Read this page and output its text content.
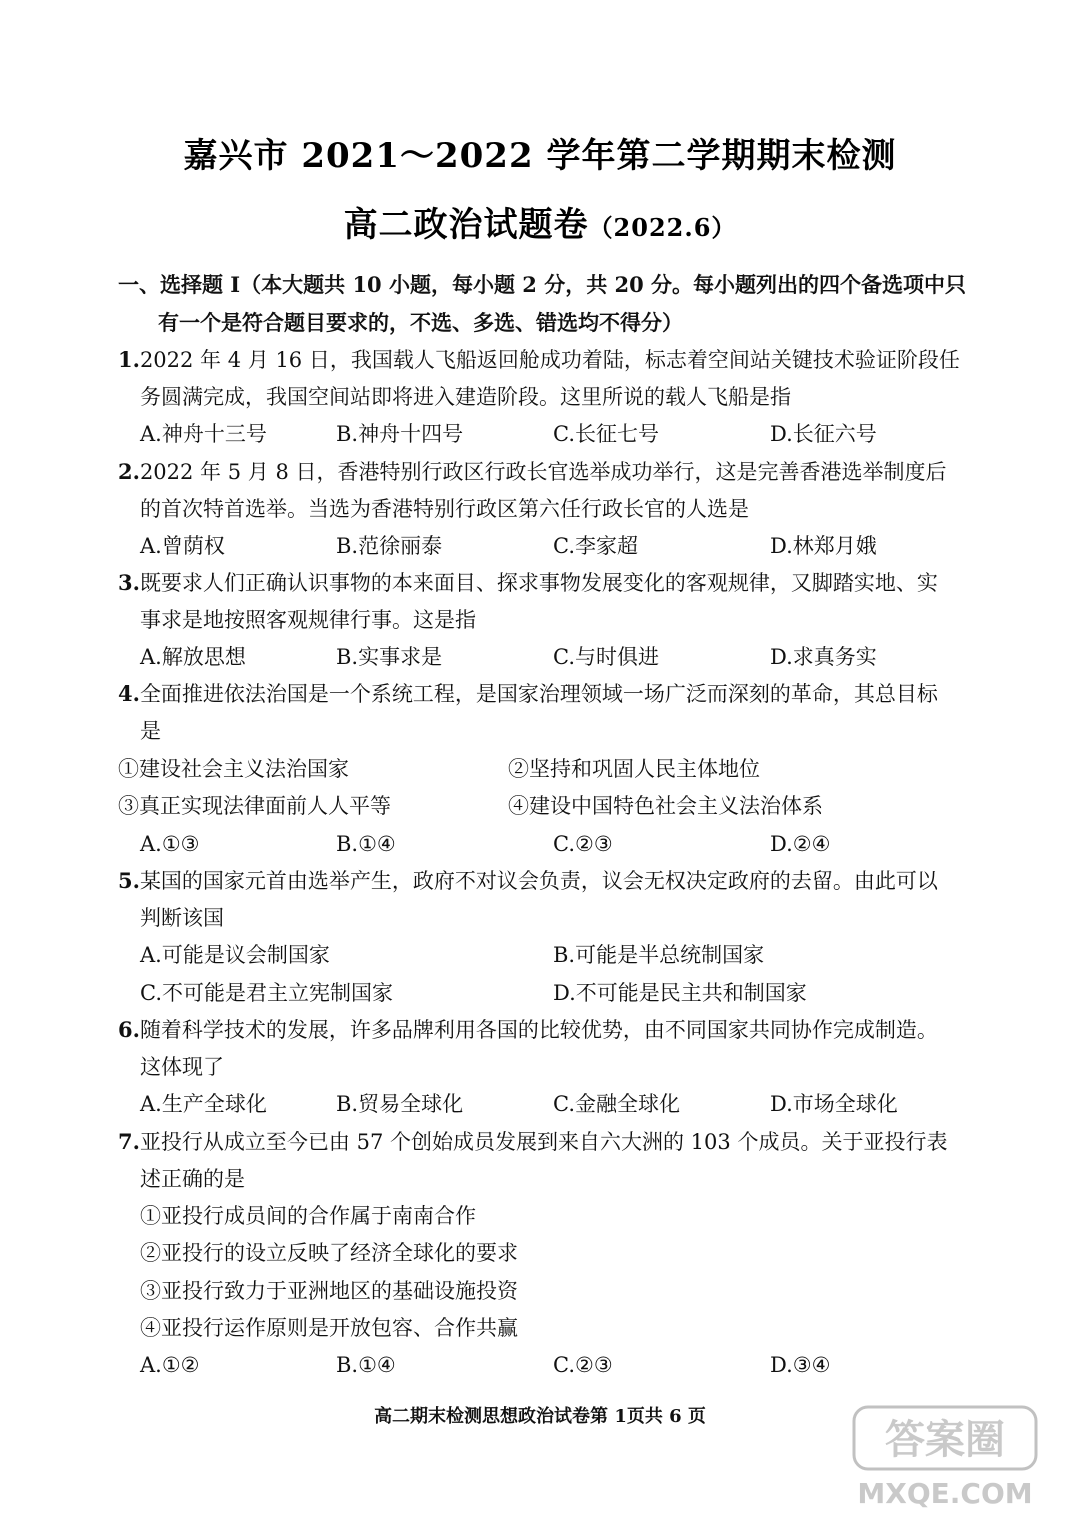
嘉兴市 2021～2022 学年第二学期期末检测
高二政治试题卷（2022.6）
一、选择题 I（本大题共 10 小题，每小题 2 分，共 20 分。每小题列出的四个备选项中只
有一个是符合题目要求的，不选、多选、错选均不得分）
1.2022 年 4 月 16 日，我国载人飞船返回舱成功着陆，标志着空间站关键技术验证阶段任
务圆满完成，我国空间站即将进入建造阶段。这里所说的载人飞船是指
A.神舟十三号	B.神舟十四号	C.长征七号	D.长征六号
2.2022 年 5 月 8 日，香港特别行政区行政长官选举成功举行，这是完善香港选举制度后
的首次特首选举。当选为香港特别行政区第六任行政长官的人选是
A.曾荫权	B.范徐丽泰	C.李家超	D.林郑月娥
3.既要求人们正确认识事物的本来面目、探求事物发展变化的客观规律，又脚踏实地、实
事求是地按照客观规律行事。这是指
A.解放思想	B.实事求是	C.与时俱进	D.求真务实
4.全面推进依法治国是一个系统工程，是国家治理领域一场广泛而深刻的革命，其总目标
是
①建设社会主义法治国家	②坚持和巩固人民主体地位
③真正实现法律面前人人平等	④建设中国特色社会主义法治体系
A.①③	B.①④	C.②③	D.②④
5.某国的国家元首由选举产生，政府不对议会负责，议会无权决定政府的去留。由此可以
判断该国
A.可能是议会制国家	B.可能是半总统制国家
C.不可能是君主立宪制国家	D.不可能是民主共和制国家
6.随着科学技术的发展，许多品牌利用各国的比较优势，由不同国家共同协作完成制造。
这体现了
A.生产全球化	B.贸易全球化	C.金融全球化	D.市场全球化
7.亚投行从成立至今已由 57 个创始成员发展到来自六大洲的 103 个成员。关于亚投行表
述正确的是
①亚投行成员间的合作属于南南合作
②亚投行的设立反映了经济全球化的要求
③亚投行致力于亚洲地区的基础设施投资
④亚投行运作原则是开放包容、合作共赢
A.①②	B.①④	C.②③	D.③④
高二期末检测思想政治试卷第 1页共 6 页
答案圈
MXQE.COM
